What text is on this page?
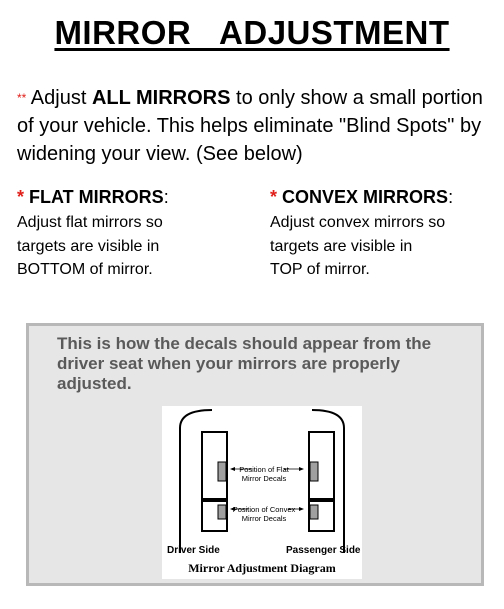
MIRROR   ADJUSTMENT

** Adjust ALL MIRRORS to only show a small portion of your vehicle. This helps eliminate "Blind Spots" by widening your view. (See below)

* FLAT MIRRORS:

Adjust flat mirrors so

targets are visible in

BOTTOM of mirror.

* CONVEX MIRRORS:

Adjust convex mirrors so

targets are visible in

TOP of mirror.

This is how the decals should appear from the driver seat when your mirrors are properly adjusted.

Position of Flat
Mirror Decals
Position of Convex
Mirror Decals
Driver Side	Passenger Side
Mirror Adjustment Diagram
